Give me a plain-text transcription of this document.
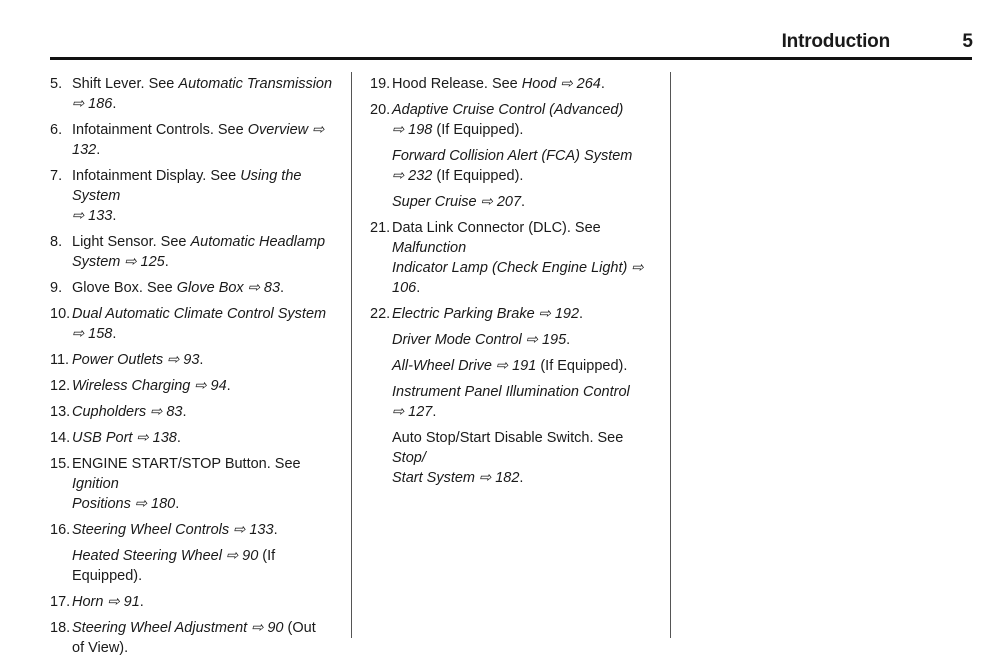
Introduction	5
5. Shift Lever. See Automatic Transmission
⇨ 186.
6. Infotainment Controls. See Overview ⇨ 132.
7. Infotainment Display. See Using the System
⇨ 133.
8. Light Sensor. See Automatic Headlamp
System ⇨ 125.
9. Glove Box. See Glove Box ⇨ 83.
10. Dual Automatic Climate Control System
⇨ 158.
11. Power Outlets ⇨ 93.
12. Wireless Charging ⇨ 94.
13. Cupholders ⇨ 83.
14. USB Port ⇨ 138.
15. ENGINE START/STOP Button. See Ignition
Positions ⇨ 180.
16. Steering Wheel Controls ⇨ 133.
Heated Steering Wheel ⇨ 90 (If Equipped).
17. Horn ⇨ 91.
18. Steering Wheel Adjustment ⇨ 90 (Out
of View).
19. Hood Release. See Hood ⇨ 264.
20. Adaptive Cruise Control (Advanced)
⇨ 198 (If Equipped).
Forward Collision Alert (FCA) System
⇨ 232 (If Equipped).
Super Cruise ⇨ 207.
21. Data Link Connector (DLC). See Malfunction
Indicator Lamp (Check Engine Light) ⇨ 106.
22. Electric Parking Brake ⇨ 192.
Driver Mode Control ⇨ 195.
All-Wheel Drive ⇨ 191 (If Equipped).
Instrument Panel Illumination Control
⇨ 127.
Auto Stop/Start Disable Switch. See Stop/
Start System ⇨ 182.
